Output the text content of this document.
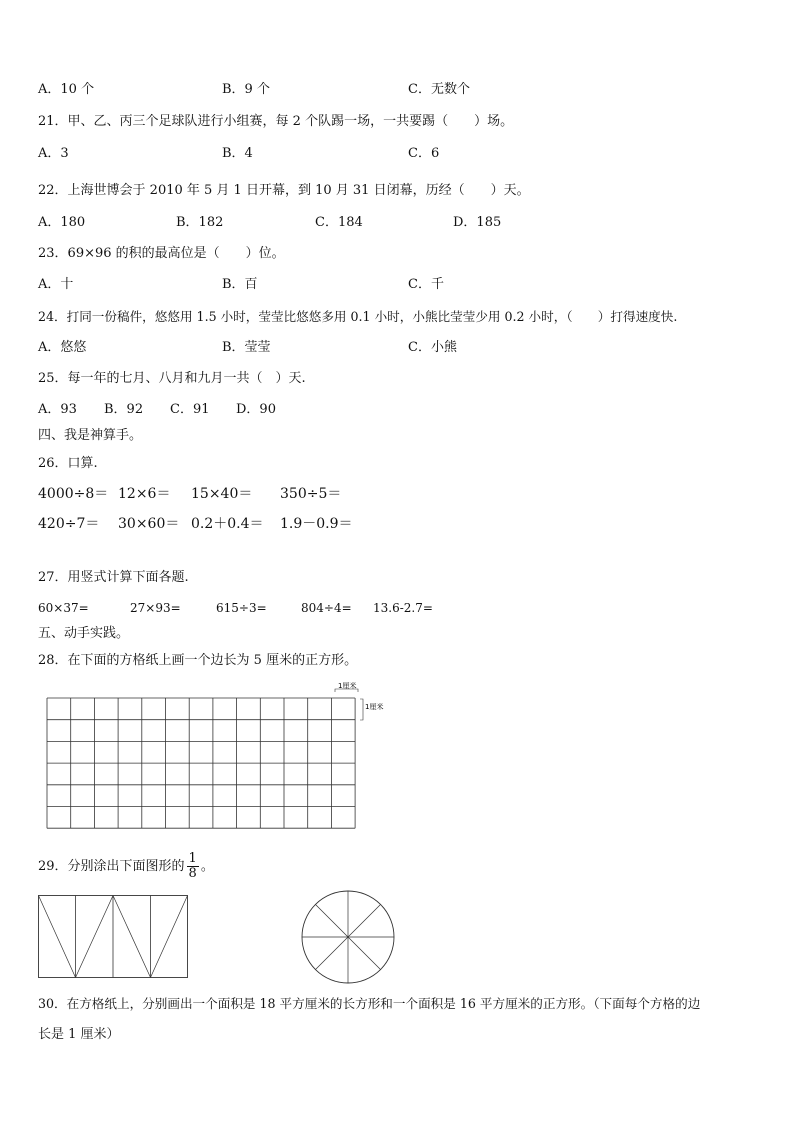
A．10 个	B．9 个	C．无数个
21．甲、乙、丙三个足球队进行小组赛，每 2 个队踢一场，一共要踢（　　）场。
A．3	B．4	C．6
22．上海世博会于 2010 年 5 月 1 日开幕，到 10 月 31 日闭幕，历经（　　）天。
A．180	B．182	C．184	D．185
23．69×96 的积的最高位是（　　）位。
A．十	B．百	C．千
24．打同一份稿件，悠悠用 1.5 小时，莹莹比悠悠多用 0.1 小时，小熊比莹莹少用 0.2 小时，（　　）打得速度快.
A．悠悠	B．莹莹	C．小熊
25．每一年的七月、八月和九月一共（　）天.
A．93 B．92 C．91 D．90
四、我是神算手。
26．口算.
4000÷8＝ 12×6＝ 15×40＝ 350÷5＝
420÷7＝ 30×60＝ 0.2＋0.4＝ 1.9－0.9＝
27．用竖式计算下面各题.
60×37=	27×93=	615÷3=	804÷4= 13.6-2.7=
五、动手实践。
28．在下面的方格纸上画一个边长为 5 厘米的正方形。
1厘米
1厘米
29．分别涂出下面图形的 $\frac{1}{8}$ 。
30．在方格纸上，分别画出一个面积是 18 平方厘米的长方形和一个面积是 16 平方厘米的正方形。（下面每个方格的边
长是 1 厘米）
